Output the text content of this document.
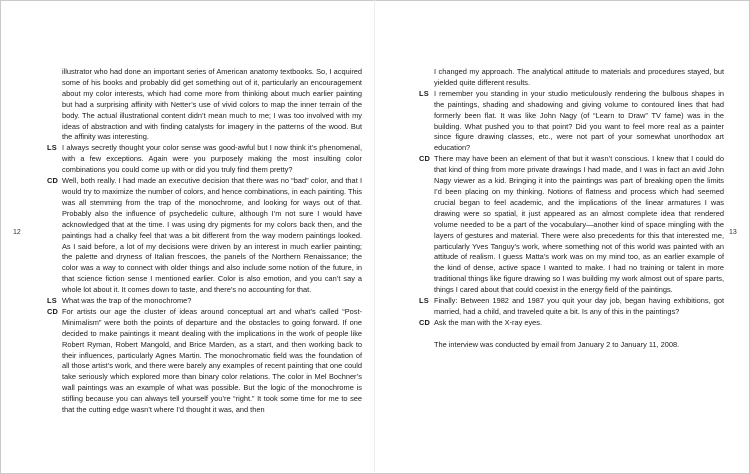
12	13
illustrator who had done an important series of American anatomy textbooks. So, I acquired some of his books and probably did get something out of it, particularly an encouragement about my color interests, which had come more from thinking about much earlier painting but had a surprising affinity with Netter’s use of vivid colors to map the inner terrain of the body. The actual illustrational content didn’t mean much to me; I was too involved with my ideas of abstraction and with finding catalysts for imagery in the patterns of the wood. But the affinity was interesting.
LS I always secretly thought your color sense was good-awful but I now think it’s phenomenal, with a few exceptions. Again were you purposely making the most insulting color combinations you could come up with or did you truly find them pretty?
CD Well, both really. I had made an executive decision that there was no “bad” color, and that I would try to maximize the number of colors, and hence combinations, in each painting. This was all stemming from the trap of the monochrome, and looking for ways out of that. Probably also the influence of psychedelic culture, although I’m not sure I would have acknowledged that at the time. I was using dry pigments for my colors back then, and the paintings had a chalky feel that was a bit different from the way modern paintings looked. As I said before, a lot of my decisions were driven by an interest in much earlier painting; the palette and dryness of Italian frescoes, the panels of the Northern Renaissance; the color was a way to connect with older things and also include some notion of the future, in that science fiction sense I mentioned earlier. Color is also emotion, and you can’t say a whole lot about it. It comes down to taste, and there’s no accounting for that.
LS What was the trap of the monochrome?
CD For artists our age the cluster of ideas around conceptual art and what’s called “Post-Minimalism” were both the points of departure and the obstacles to going forward. If one decided to make paintings it meant dealing with the implications in the work of people like Robert Ryman, Robert Mangold, and Brice Marden, as a start, and then working back to their influences, particularly Agnes Martin. The monochromatic field was the foundation of all those artist’s work, and there were barely any examples of recent painting that one could take seriously which explored more than binary color relations. The color in Mel Bochner’s wall paintings was an example of what was possible. But the logic of the monochrome is stifling because you can always tell yourself you’re “right.” It took some time for me to see that the cutting edge wasn’t where I’d thought it was, and then
I changed my approach. The analytical attitude to materials and procedures stayed, but yielded quite different results.
LS I remember you standing in your studio meticulously rendering the bulbous shapes in the paintings, shading and shadowing and giving volume to contoured lines that had formerly been flat. It was like John Nagy (of “Learn to Draw” TV fame) was in the building. What pushed you to that point? Did you want to feel more real as a painter since figure drawing classes, etc., were not part of your somewhat unorthodox art education?
CD There may have been an element of that but it wasn’t conscious. I knew that I could do that kind of thing from more private drawings I had made, and I was in fact an avid John Nagy viewer as a kid. Bringing it into the paintings was part of breaking open the limits I’d been placing on my thinking. Notions of flatness and process which had seemed crucial began to feel academic, and the implications of the linear armatures I was drawing were so spatial, it just appeared as an almost complete idea that rendered volume needed to be a part of the vocabulary—another kind of space mingling with the layers of gestures and material. There were also precedents for this that interested me, particularly Yves Tanguy’s work, where something not of this world was painted with an attitude of realism. I guess Matta’s work was on my mind too, as an earlier example of the kind of dense, active space I wanted to make. I had no training or talent in more traditional things like figure drawing so I was building my work almost out of spare parts, things I cared about that could coexist in the energy field of the paintings.
LS Finally: Between 1982 and 1987 you quit your day job, began having exhibitions, got married, had a child, and traveled quite a bit. Is any of this in the paintings?
CD Ask the man with the X-ray eyes.
The interview was conducted by email from January 2 to January 11, 2008.
